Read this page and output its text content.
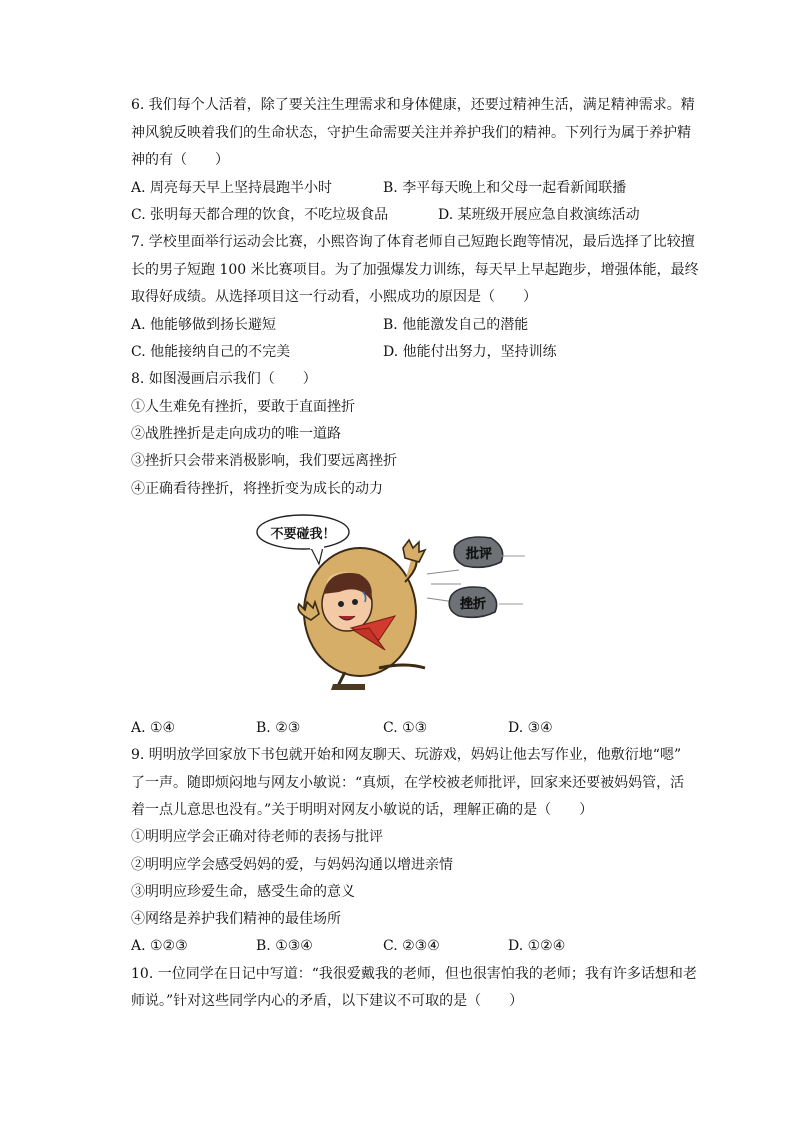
6. 我们每个人活着，除了要关注生理需求和身体健康，还要过精神生活，满足精神需求。精
神风貌反映着我们的生命状态，守护生命需要关注并养护我们的精神。下列行为属于养护精
神的有（　　）
A. 周亮每天早上坚持晨跑半小时	B. 李平每天晚上和父母一起看新闻联播
C. 张明每天都合理的饮食，不吃垃圾食品	D. 某班级开展应急自救演练活动
7. 学校里面举行运动会比赛，小熙咨询了体育老师自己短跑长跑等情况，最后选择了比较擅
长的男子短跑 100 米比赛项目。为了加强爆发力训练，每天早上早起跑步，增强体能，最终
取得好成绩。从选择项目这一行动看，小熙成功的原因是（　　）
A. 他能够做到扬长避短	B. 他能激发自己的潜能
C. 他能接纳自己的不完美	D. 他能付出努力，坚持训练
8. 如图漫画启示我们（　　）
①人生难免有挫折，要敢于直面挫折
②战胜挫折是走向成功的唯一道路
③挫折只会带来消极影响，我们要远离挫折
④正确看待挫折，将挫折变为成长的动力
不要碰我！
批评
挫折
A. ①④	B. ②③	C. ①③	D. ③④
9. 明明放学回家放下书包就开始和网友聊天、玩游戏，妈妈让他去写作业，他敷衍地“嗯”
了一声。随即烦闷地与网友小敏说：“真烦，在学校被老师批评，回家来还要被妈妈管，活
着一点儿意思也没有。”关于明明对网友小敏说的话，理解正确的是（　　）
①明明应学会正确对待老师的表扬与批评
②明明应学会感受妈妈的爱，与妈妈沟通以增进亲情
③明明应珍爱生命，感受生命的意义
④网络是养护我们精神的最佳场所
A. ①②③	B. ①③④	C. ②③④	D. ①②④
10. 一位同学在日记中写道：“我很爱戴我的老师，但也很害怕我的老师；我有许多话想和老
师说。”针对这些同学内心的矛盾，以下建议不可取的是（　　）
